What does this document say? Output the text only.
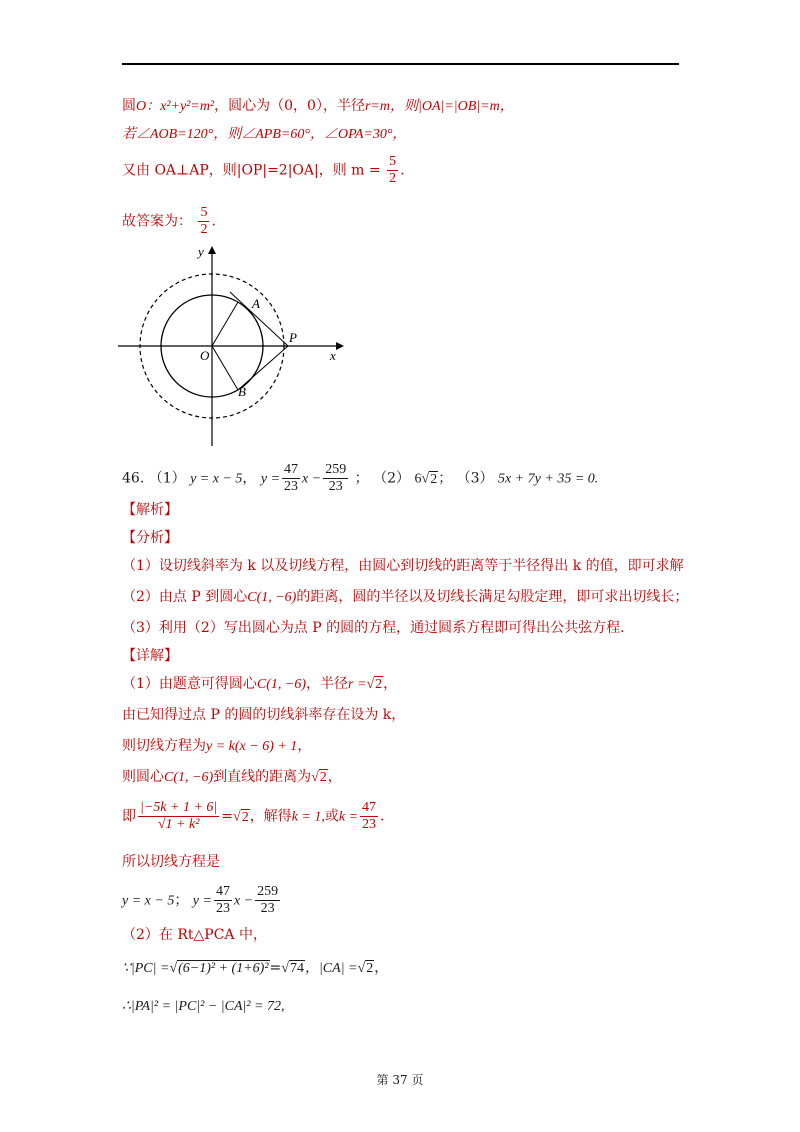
圆O：x²+y²=m²，圆心为（0，0），半径r=m，则|OA|=|OB|=m，
若∠AOB=120°，则∠APB=60°，∠OPA=30°，
又由 OA⊥AP，则|OP|=2|OA|，则 $m = \frac{5}{2}$ .
故答案为： $\frac{5}{2}$ .
y
x
O
A
B
P
46. （1） y = x − 5， $y = \frac{47}{23}$ $x - \frac{259}{23}$ ； （2） 6√2； （3） 5x + 7y + 35 = 0.
【解析】
【分析】
（1）设切线斜率为 k 以及切线方程，由圆心到切线的距离等于半径得出 k 的值，即可求解
（2）由点 P 到圆心C(1, −6)的距离，圆的半径以及切线长满足勾股定理，即可求出切线长；
（3）利用（2）写出圆心为点 P 的圆的方程，通过圆系方程即可得出公共弦方程.
【详解】
（1）由题意可得圆心C(1, −6)，半径r =√2，
由已知得过点 P 的圆的切线斜率存在设为 k，
则切线方程为y = k(x − 6) + 1，
则圆心C(1, −6)到直线的距离为√2，
即 $\frac{|-5k + 1 + 6|}{\text{√1 + k²}} =√2$，解得k = 1,或$k = \frac{47}{23}$ .
所以切线方程是
y = x − 5； $y = \frac{47}{23}$ $x - \frac{259}{23}$
（2）在 Rt△PCA 中，
∵|PC| =√(6−1)² + (1+6)²=√74，|CA| =√2，
∴|PA|² = |PC|² − |CA|² = 72,
第 37 页
